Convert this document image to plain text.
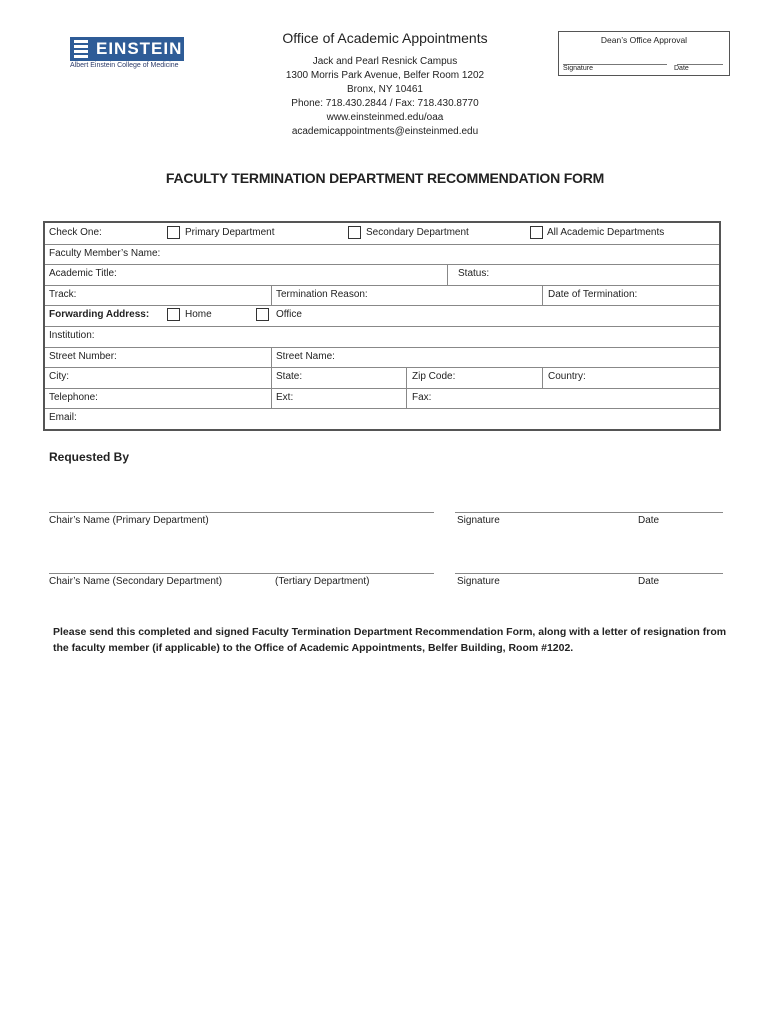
EINSTEIN
Albert Einstein College of Medicine
Office of Academic Appointments
Jack and Pearl Resnick Campus
1300 Morris Park Avenue, Belfer Room 1202
Bronx, NY 10461
Phone: 718.430.2844 / Fax: 718.430.8770
www.einsteinmed.edu/oaa
academicappointments@einsteinmed.edu
Dean’s Office Approval
Signature	Date
FACULTY TERMINATION DEPARTMENT RECOMMENDATION FORM
Check One:	Primary Department	Secondary Department	All Academic Departments
Faculty Member’s Name:
Academic Title:	Status:
Track:	Termination Reason:	Date of Termination:
Forwarding Address:	Home	Office
Institution:
Street Number:	Street Name:
City:	State:	Zip Code:	Country:
Telephone:	Ext:	Fax:
Email:
Requested By
Chair’s Name (Primary Department)	Signature	Date
Chair’s Name (Secondary Department)	(Tertiary Department)	Signature	Date
Please send this completed and signed Faculty Termination Department Recommendation Form, along with a letter of resignation from the faculty member (if applicable) to the Office of Academic Appointments, Belfer Building, Room #1202.
